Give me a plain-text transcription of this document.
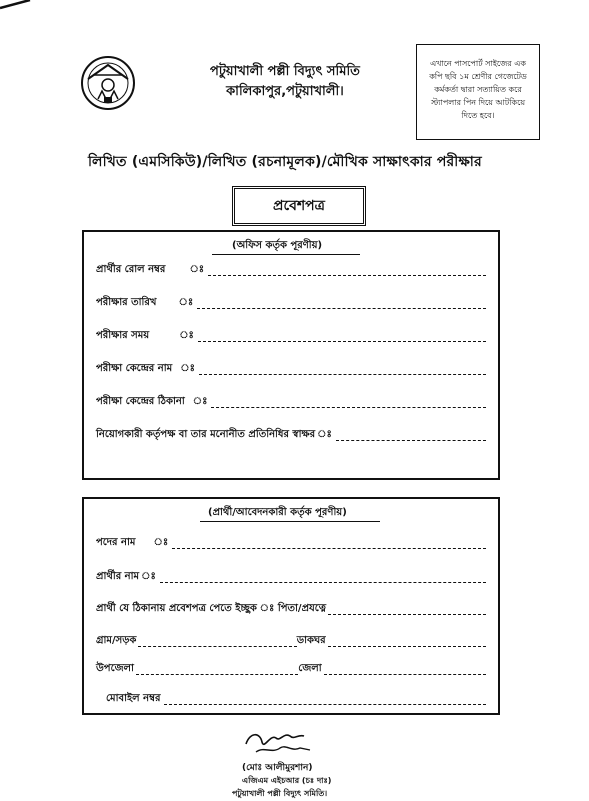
পটুয়াখালী পল্লী বিদ্যুৎ সমিতি
কালিকাপুর,পটুয়াখালী।
এখানে পাসপোর্ট সাইজের এক কপি ছবি ১ম শ্রেণীর গেজেটেড কর্মকর্তা দ্বারা সত্যায়িত করে স্ট্যাপলার পিন দিয়ে আটকিয়ে দিতে হবে।
লিখিত (এমসিকিউ)/লিখিত (রচনামূলক)/মৌখিক সাক্ষাৎকার পরীক্ষার
প্রবেশপত্র
(অফিস কর্তৃক পূরণীয়)
প্রার্থীর রোল নম্বর ঃ
পরীক্ষার তারিখ ঃ
পরীক্ষার সময়	ঃ
পরীক্ষা কেন্দ্রের নাম ঃ
পরীক্ষা কেন্দ্রের ঠিকানা ঃ
নিয়োগকারী কর্তৃপক্ষ বা তার মনোনীত প্রতিনিধির স্বাক্ষর ঃ
(প্রার্থী/আবেদনকারী কর্তৃক পূরণীয়)
পদের নাম ঃ
প্রার্থীর নাম ঃ
প্রার্থী যে ঠিকানায় প্রবেশপত্র পেতে ইচ্ছুক ঃ পিতা/প্রযত্নে
গ্রাম/সড়ক	ডাকঘর
উপজেলা	জেলা
মোবাইল নম্বর
(মোঃ আলীমুরশান)
এজিএম এইচআর (চঃ দাঃ)
পটুয়াখালী পল্লী বিদ্যুৎ সমিতি।
